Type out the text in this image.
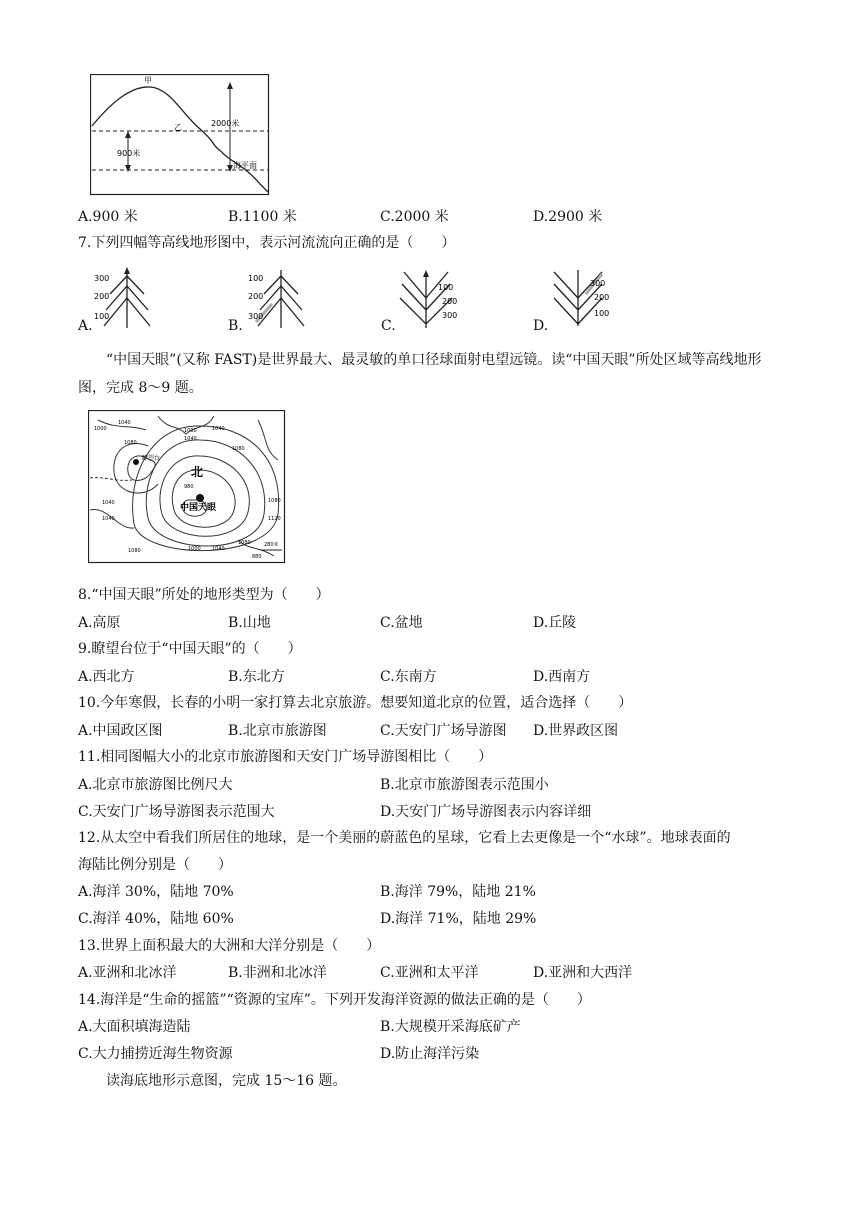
甲
乙	2000米
900米
海平面
A.900 米	B.1100 米	C.2000 米	D.2900 米
7.下列四幅等高线地形图中，表示河流流向正确的是（　　）
A.
300
200
100
B.
100
200
300
C.
100
200
300
D.
300
200
100
“中国天眼”(又称 FAST)是世界最大、最灵敏的单口径球面射电望远镜。读“中国天眼”所处区域等高线地形图，完成 8～9 题。
瞭望台
中国天眼
北
1000
1040
1080
1000
1040
1040
1080
980
1040	1080
1120
1040
1080	1000 1040
1080
880
280米
8.“中国天眼”所处的地形类型为（　　）
A.高原	B.山地	C.盆地	D.丘陵
9.瞭望台位于“中国天眼”的（　　）
A.西北方	B.东北方	C.东南方	D.西南方
10.今年寒假，长春的小明一家打算去北京旅游。想要知道北京的位置，适合选择（　　）
A.中国政区图	B.北京市旅游图	C.天安门广场导游图 D.世界政区图
11.相同图幅大小的北京市旅游图和天安门广场导游图相比（　　）
A.北京市旅游图比例尺大	B.北京市旅游图表示范围小
C.天安门广场导游图表示范围大	D.天安门广场导游图表示内容详细
12.从太空中看我们所居住的地球，是一个美丽的蔚蓝色的星球，它看上去更像是一个“水球”。地球表面的
海陆比例分别是（　　）
A.海洋 30%，陆地 70%	B.海洋 79%，陆地 21%
C.海洋 40%，陆地 60%	D.海洋 71%，陆地 29%
13.世界上面积最大的大洲和大洋分别是（　　）
A.亚洲和北冰洋	B.非洲和北冰洋	C.亚洲和太平洋	D.亚洲和大西洋
14.海洋是“生命的摇篮”“资源的宝库”。下列开发海洋资源的做法正确的是（　　）
A.大面积填海造陆	B.大规模开采海底矿产
C.大力捕捞近海生物资源	D.防止海洋污染
读海底地形示意图，完成 15～16 题。
